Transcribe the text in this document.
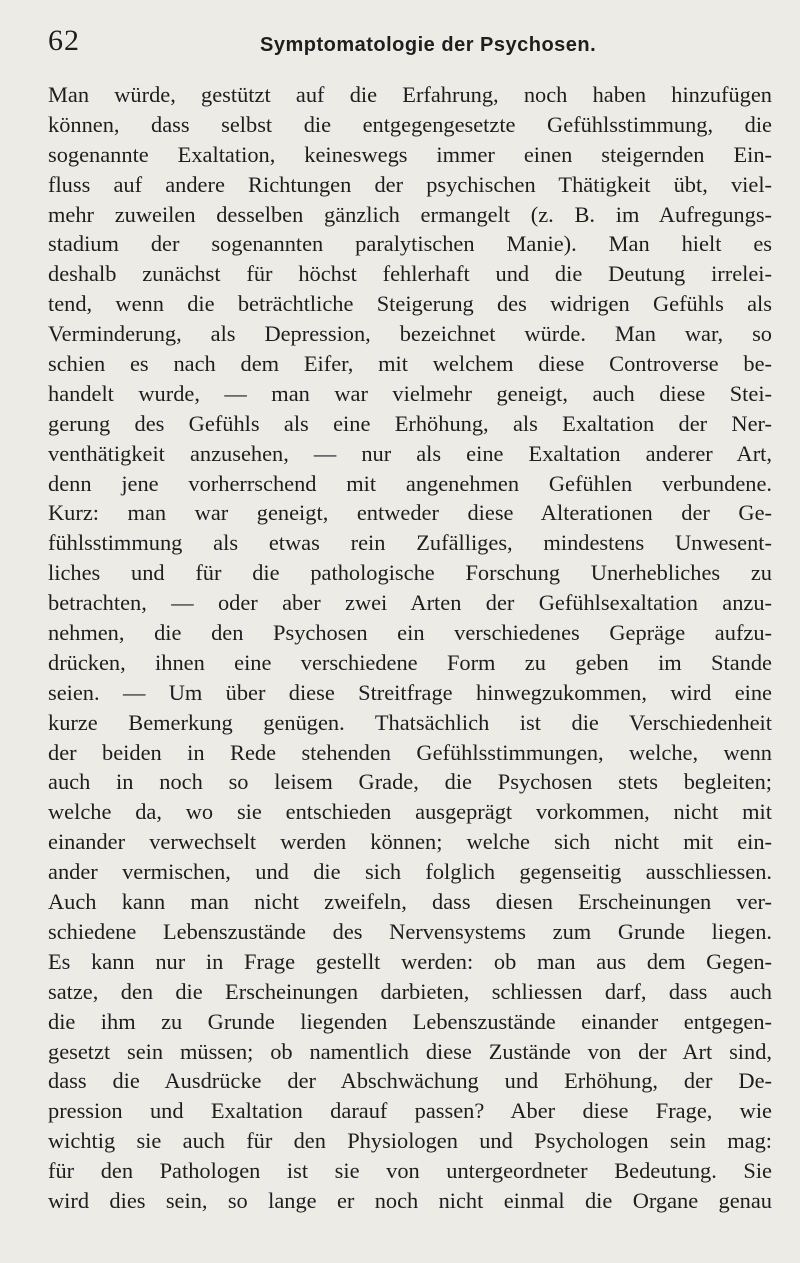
62	Symptomatologie der Psychosen.
Man würde, gestützt auf die Erfahrung, noch haben hinzufügen
können, dass selbst die entgegengesetzte Gefühlsstimmung, die
sogenannte Exaltation, keineswegs immer einen steigernden Ein-
fluss auf andere Richtungen der psychischen Thätigkeit übt, viel-
mehr zuweilen desselben gänzlich ermangelt (z. B. im Aufregungs-
stadium der sogenannten paralytischen Manie). Man hielt es
deshalb zunächst für höchst fehlerhaft und die Deutung irrelei-
tend, wenn die beträchtliche Steigerung des widrigen Gefühls als
Verminderung, als Depression, bezeichnet würde. Man war, so
schien es nach dem Eifer, mit welchem diese Controverse be-
handelt wurde, — man war vielmehr geneigt, auch diese Stei-
gerung des Gefühls als eine Erhöhung, als Exaltation der Ner-
venthätigkeit anzusehen, — nur als eine Exaltation anderer Art,
denn jene vorherrschend mit angenehmen Gefühlen verbundene.
Kurz: man war geneigt, entweder diese Alterationen der Ge-
fühlsstimmung als etwas rein Zufälliges, mindestens Unwesent-
liches und für die pathologische Forschung Unerhebliches zu
betrachten, — oder aber zwei Arten der Gefühlsexaltation anzu-
nehmen, die den Psychosen ein verschiedenes Gepräge aufzu-
drücken, ihnen eine verschiedene Form zu geben im Stande
seien. — Um über diese Streitfrage hinwegzukommen, wird eine
kurze Bemerkung genügen. Thatsächlich ist die Verschiedenheit
der beiden in Rede stehenden Gefühlsstimmungen, welche, wenn
auch in noch so leisem Grade, die Psychosen stets begleiten;
welche da, wo sie entschieden ausgeprägt vorkommen, nicht mit
einander verwechselt werden können; welche sich nicht mit ein-
ander vermischen, und die sich folglich gegenseitig ausschliessen.
Auch kann man nicht zweifeln, dass diesen Erscheinungen ver-
schiedene Lebenszustände des Nervensystems zum Grunde liegen.
Es kann nur in Frage gestellt werden: ob man aus dem Gegen-
satze, den die Erscheinungen darbieten, schliessen darf, dass auch
die ihm zu Grunde liegenden Lebenszustände einander entgegen-
gesetzt sein müssen; ob namentlich diese Zustände von der Art sind,
dass die Ausdrücke der Abschwächung und Erhöhung, der De-
pression und Exaltation darauf passen? Aber diese Frage, wie
wichtig sie auch für den Physiologen und Psychologen sein mag:
für den Pathologen ist sie von untergeordneter Bedeutung. Sie
wird dies sein, so lange er noch nicht einmal die Organe genau
